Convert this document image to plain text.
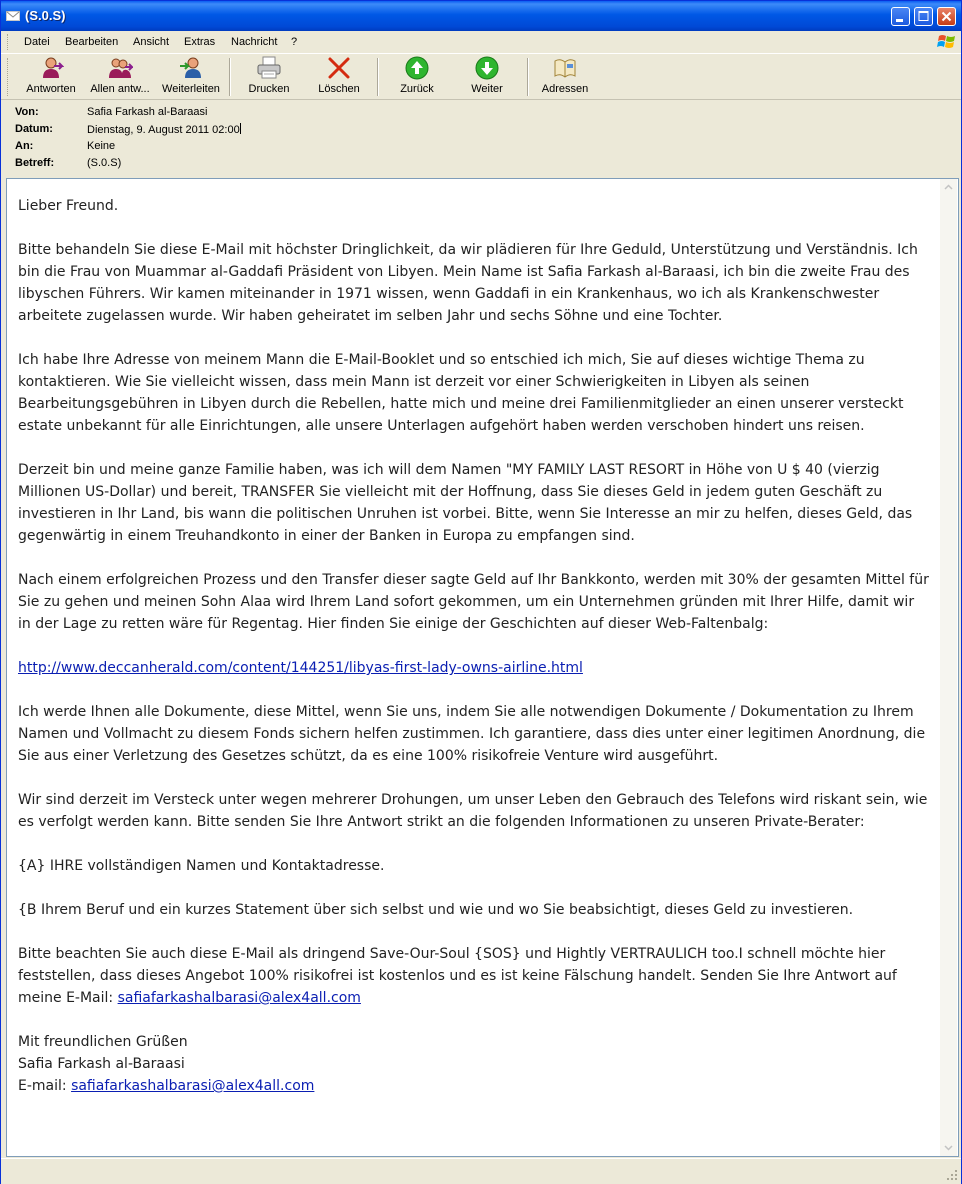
(S.0.S)
Datei Bearbeiten Ansicht Extras Nachricht ?
Antworten	Allen antw...	Weiterleiten	Drucken	Löschen	Zurück	Weiter	Adressen
Von:	Safia Farkash al-Baraasi
Datum:	Dienstag, 9. August 2011 02:00
An:	Keine
Betreff:	(S.0.S)

Lieber Freund.

Bitte behandeln Sie diese E-Mail mit höchster Dringlichkeit, da wir plädieren für Ihre Geduld, Unterstützung und Verständnis. Ich bin die Frau von Muammar al-Gaddafi Präsident von Libyen. Mein Name ist Safia Farkash al-Baraasi, ich bin die zweite Frau des libyschen Führers. Wir kamen miteinander in 1971 wissen, wenn Gaddafi in ein Krankenhaus, wo ich als Krankenschwester arbeitete zugelassen wurde. Wir haben geheiratet im selben Jahr und sechs Söhne und eine Tochter.

Ich habe Ihre Adresse von meinem Mann die E-Mail-Booklet und so entschied ich mich, Sie auf dieses wichtige Thema zu kontaktieren. Wie Sie vielleicht wissen, dass mein Mann ist derzeit vor einer Schwierigkeiten in Libyen als seinen Bearbeitungsgebühren in Libyen durch die Rebellen, hatte mich und meine drei Familienmitglieder an einen unserer versteckt estate unbekannt für alle Einrichtungen, alle unsere Unterlagen aufgehört haben werden verschoben hindert uns reisen.

Derzeit bin und meine ganze Familie haben, was ich will dem Namen "MY FAMILY LAST RESORT in Höhe von U $ 40 (vierzig Millionen US-Dollar) und bereit, TRANSFER Sie vielleicht mit der Hoffnung, dass Sie dieses Geld in jedem guten Geschäft zu investieren in Ihr Land, bis wann die politischen Unruhen ist vorbei. Bitte, wenn Sie Interesse an mir zu helfen, dieses Geld, das gegenwärtig in einem Treuhandkonto in einer der Banken in Europa zu empfangen sind.

Nach einem erfolgreichen Prozess und den Transfer dieser sagte Geld auf Ihr Bankkonto, werden mit 30% der gesamten Mittel für Sie zu gehen und meinen Sohn Alaa wird Ihrem Land sofort gekommen, um ein Unternehmen gründen mit Ihrer Hilfe, damit wir in der Lage zu retten wäre für Regentag. Hier finden Sie einige der Geschichten auf dieser Web-Faltenbalg:

http://www.deccanherald.com/content/144251/libyas-first-lady-owns-airline.html

Ich werde Ihnen alle Dokumente, diese Mittel, wenn Sie uns, indem Sie alle notwendigen Dokumente / Dokumentation zu Ihrem Namen und Vollmacht zu diesem Fonds sichern helfen zustimmen. Ich garantiere, dass dies unter einer legitimen Anordnung, die Sie aus einer Verletzung des Gesetzes schützt, da es eine 100% risikofreie Venture wird ausgeführt.

Wir sind derzeit im Versteck unter wegen mehrerer Drohungen, um unser Leben den Gebrauch des Telefons wird riskant sein, wie es verfolgt werden kann. Bitte senden Sie Ihre Antwort strikt an die folgenden Informationen zu unseren Private-Berater:

{A} IHRE vollständigen Namen und Kontaktadresse.

{B Ihrem Beruf und ein kurzes Statement über sich selbst und wie und wo Sie beabsichtigt, dieses Geld zu investieren.

Bitte beachten Sie auch diese E-Mail als dringend Save-Our-Soul {SOS} und Hightly VERTRAULICH too.I schnell möchte hier feststellen, dass dieses Angebot 100% risikofrei ist kostenlos und es ist keine Fälschung handelt. Senden Sie Ihre Antwort auf meine E-Mail: safiafarkashalbarasi@alex4all.com

Mit freundlichen Grüßen
Safia Farkash al-Baraasi
E-mail: safiafarkashalbarasi@alex4all.com
